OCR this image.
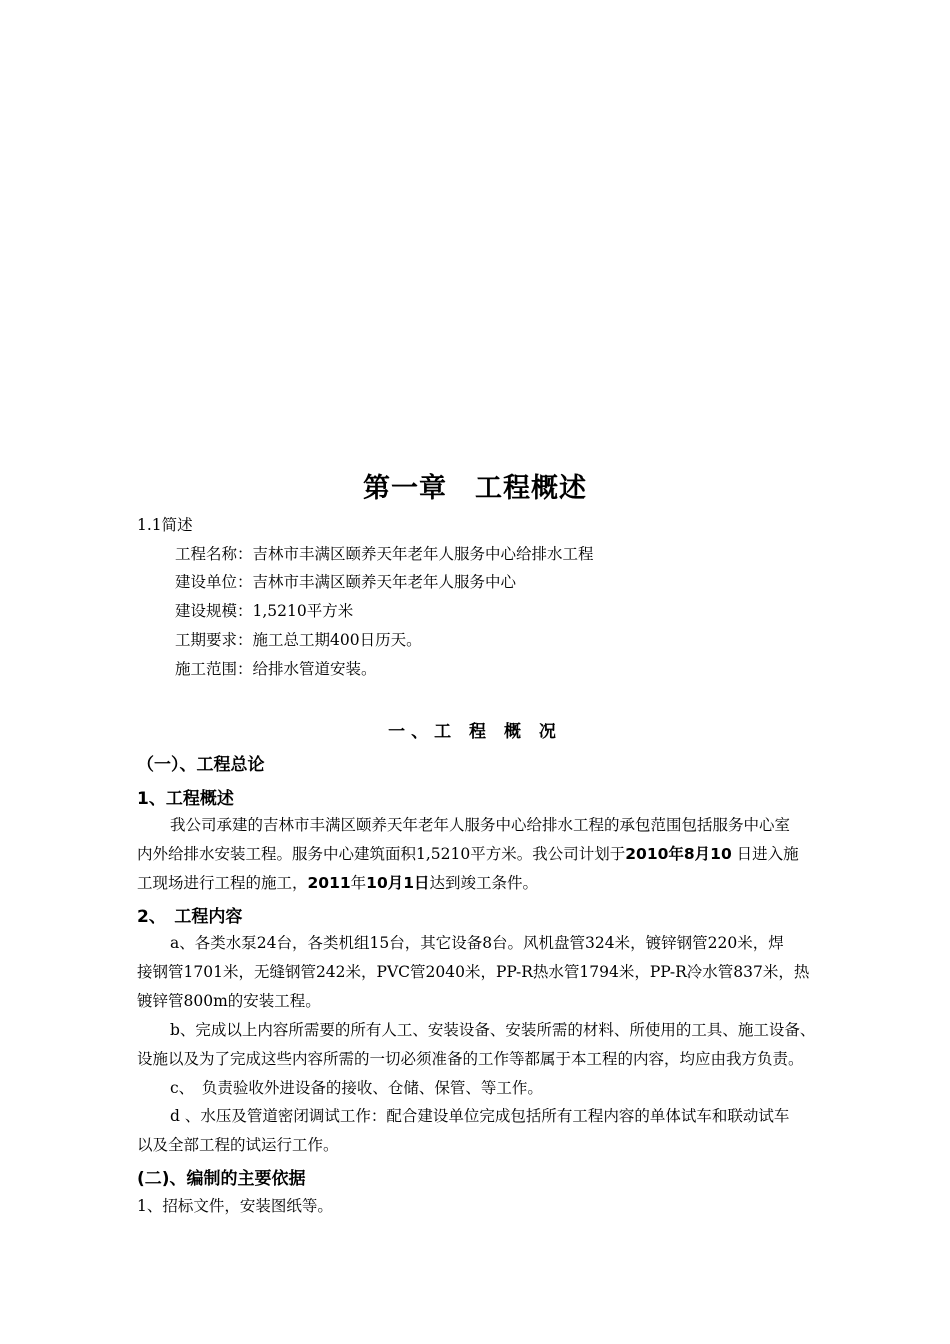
第一章　工程概述
1.1简述
工程名称：吉林市丰满区颐养天年老年人服务中心给排水工程
建设单位：吉林市丰满区颐养天年老年人服务中心
建设规模：1,5210平方米
工期要求：施工总工期400日历天。
施工范围：给排水管道安装。
一、工 程 概 况
（一）、工程总论
1、工程概述
我公司承建的吉林市丰满区颐养天年老年人服务中心给排水工程的承包范围包括服务中心室
内外给排水安装工程。服务中心建筑面积1,5210平方米。我公司计划于2010年8月10 日进入施
工现场进行工程的施工，2011年10月1日达到竣工条件。
2、　工程内容
a、各类水泵24台，各类机组15台，其它设备8台。风机盘管324米，镀锌钢管220米，焊
接钢管1701米，无缝钢管242米，PVC管2040米，PP-R热水管1794米，PP-R冷水管837米，热
镀锌管800m的安装工程。
b、完成以上内容所需要的所有人工、安装设备、安装所需的材料、所使用的工具、施工设备、
设施以及为了完成这些内容所需的一切必须准备的工作等都属于本工程的内容，均应由我方负责。
c、　负责验收外进设备的接收、仓储、保管、等工作。
d 、水压及管道密闭调试工作：配合建设单位完成包括所有工程内容的单体试车和联动试车
以及全部工程的试运行工作。
(二)、编制的主要依据
1、招标文件，安装图纸等。
